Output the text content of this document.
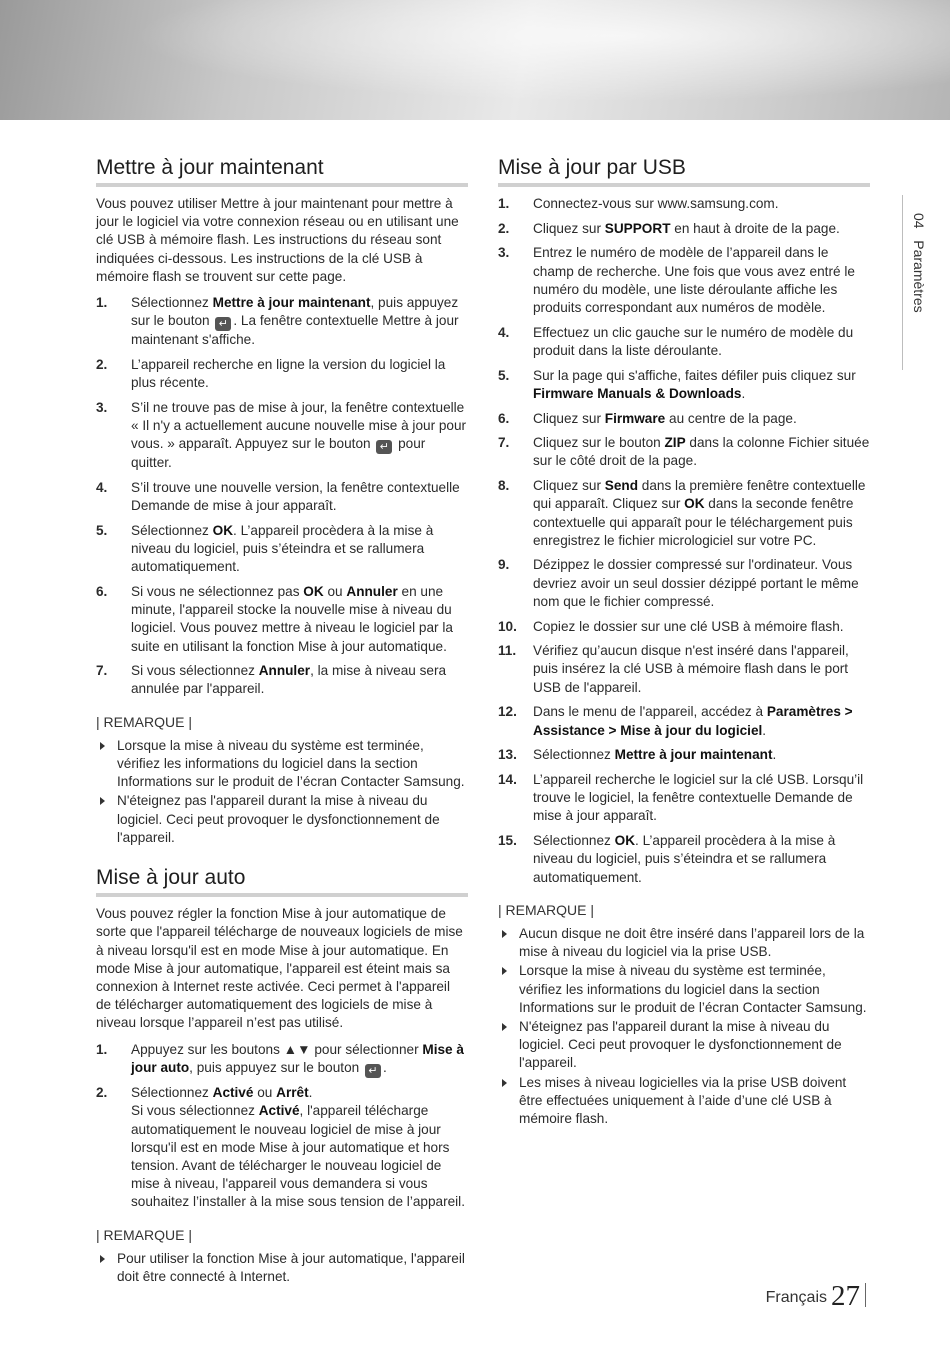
Mettre à jour maintenant

Vous pouvez utiliser Mettre à jour maintenant pour mettre à jour le logiciel via votre connexion réseau ou en utilisant une clé USB à mémoire flash. Les instructions du réseau sont indiquées ci-dessous. Les instructions de la clé USB à mémoire flash se trouvent sur cette page.

1. Sélectionnez Mettre à jour maintenant, puis appuyez sur le bouton ↵ . La fenêtre contextuelle Mettre à jour maintenant s'affiche.
2. L’appareil recherche en ligne la version du logiciel la plus récente.
3. S’il ne trouve pas de mise à jour, la fenêtre contextuelle « Il n'y a actuellement aucune nouvelle mise à jour pour vous. » apparaît. Appuyez sur le bouton ↵ pour quitter.
4. S’il trouve une nouvelle version, la fenêtre contextuelle Demande de mise à jour apparaît.
5. Sélectionnez OK. L’appareil procèdera à la mise à niveau du logiciel, puis s’éteindra et se rallumera automatiquement.
6. Si vous ne sélectionnez pas OK ou Annuler en une minute, l'appareil stocke la nouvelle mise à niveau du logiciel. Vous pouvez mettre à niveau le logiciel par la suite en utilisant la fonction Mise à jour automatique.
7. Si vous sélectionnez Annuler, la mise à niveau sera annulée par l'appareil.
| REMARQUE |
Lorsque la mise à niveau du système est terminée, vérifiez les informations du logiciel dans la section Informations sur le produit de l’écran Contacter Samsung.
N'éteignez pas l'appareil durant la mise à niveau du logiciel. Ceci peut provoquer le dysfonctionnement de l'appareil.
Mise à jour auto

Vous pouvez régler la fonction Mise à jour automatique de sorte que l'appareil télécharge de nouveaux logiciels de mise à niveau lorsqu'il est en mode Mise à jour automatique. En mode Mise à jour automatique, l'appareil est éteint mais sa connexion à Internet reste activée. Ceci permet à l'appareil de télécharger automatiquement des logiciels de mise à niveau lorsque l’appareil n’est pas utilisé.

1. Appuyez sur les boutons ▲▼ pour sélectionner Mise à jour auto, puis appuyez sur le bouton ↵ .
2. Sélectionnez Activé ou Arrêt.
Si vous sélectionnez Activé, l'appareil télécharge automatiquement le nouveau logiciel de mise à jour lorsqu'il est en mode Mise à jour automatique et hors tension. Avant de télécharger le nouveau logiciel de mise à niveau, l'appareil vous demandera si vous souhaitez l’installer à la mise sous tension de l’appareil.
| REMARQUE |
Pour utiliser la fonction Mise à jour automatique, l'appareil doit être connecté à Internet.
Mise à jour par USB
1. Connectez-vous sur www.samsung.com.
2. Cliquez sur SUPPORT en haut à droite de la page.
3. Entrez le numéro de modèle de l’appareil dans le champ de recherche. Une fois que vous avez entré le numéro du modèle, une liste déroulante affiche les produits correspondant aux numéros de modèle.
4. Effectuez un clic gauche sur le numéro de modèle du produit dans la liste déroulante.
5. Sur la page qui s'affiche, faites défiler puis cliquez sur Firmware Manuals & Downloads.
6. Cliquez sur Firmware au centre de la page.
7. Cliquez sur le bouton ZIP dans la colonne Fichier située sur le côté droit de la page.
8. Cliquez sur Send dans la première fenêtre contextuelle qui apparaît. Cliquez sur OK dans la seconde fenêtre contextuelle qui apparaît pour le téléchargement puis enregistrez le fichier micrologiciel sur votre PC.
9. Dézippez le dossier compressé sur l'ordinateur. Vous devriez avoir un seul dossier dézippé portant le même nom que le fichier compressé.
10. Copiez le dossier sur une clé USB à mémoire flash.
11. Vérifiez qu’aucun disque n'est inséré dans l'appareil, puis insérez la clé USB à mémoire flash dans le port USB de l'appareil.
12. Dans le menu de l'appareil, accédez à Paramètres > Assistance > Mise à jour du logiciel.
13. Sélectionnez Mettre à jour maintenant.
14. L’appareil recherche le logiciel sur la clé USB. Lorsqu’il trouve le logiciel, la fenêtre contextuelle Demande de mise à jour apparaît.
15. Sélectionnez OK. L’appareil procèdera à la mise à niveau du logiciel, puis s’éteindra et se rallumera automatiquement.
| REMARQUE |
Aucun disque ne doit être inséré dans l’appareil lors de la mise à niveau du logiciel via la prise USB.
Lorsque la mise à niveau du système est terminée, vérifiez les informations du logiciel dans la section Informations sur le produit de l’écran Contacter Samsung.
N'éteignez pas l'appareil durant la mise à niveau du logiciel. Ceci peut provoquer le dysfonctionnement de l'appareil.
Les mises à niveau logicielles via la prise USB doivent être effectuées uniquement à l’aide d’une clé USB à mémoire flash.
04   Paramètres
Français 27
